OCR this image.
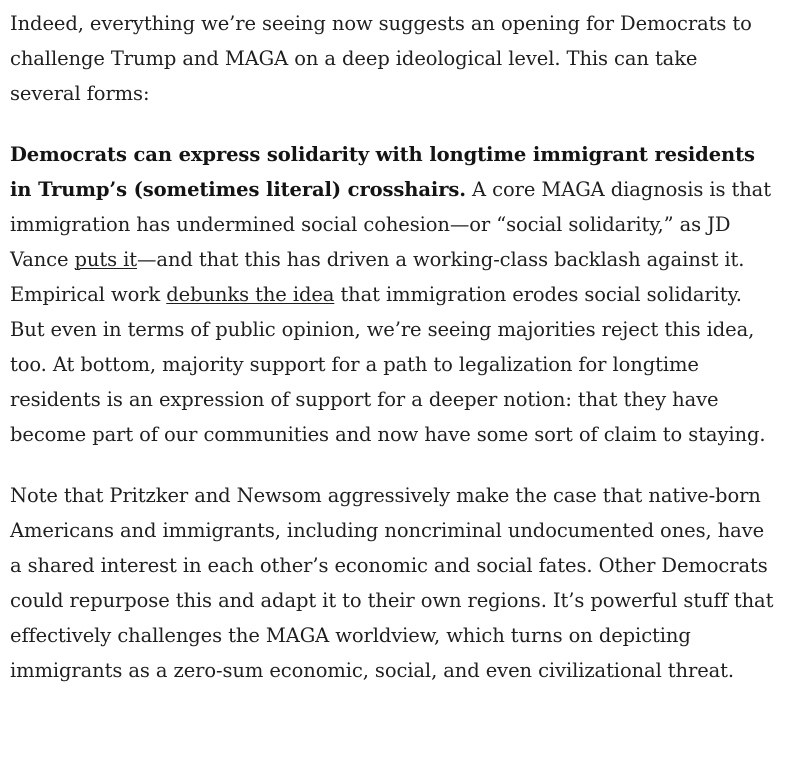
Indeed, everything we’re seeing now suggests an opening for Democrats to challenge Trump and MAGA on a deep ideological level. This can take several forms:

Democrats can express solidarity with longtime immigrant residents in Trump’s (sometimes literal) crosshairs. A core MAGA diagnosis is that immigration has undermined social cohesion—or “social solidarity,” as JD Vance puts it—and that this has driven a working-class backlash against it. Empirical work debunks the idea that immigration erodes social solidarity. But even in terms of public opinion, we’re seeing majorities reject this idea, too. At bottom, majority support for a path to legalization for longtime residents is an expression of support for a deeper notion: that they have become part of our communities and now have some sort of claim to staying.

Note that Pritzker and Newsom aggressively make the case that native-born Americans and immigrants, including noncriminal undocumented ones, have a shared interest in each other’s economic and social fates. Other Democrats could repurpose this and adapt it to their own regions. It’s powerful stuff that effectively challenges the MAGA worldview, which turns on depicting immigrants as a zero-sum economic, social, and even civilizational threat.
